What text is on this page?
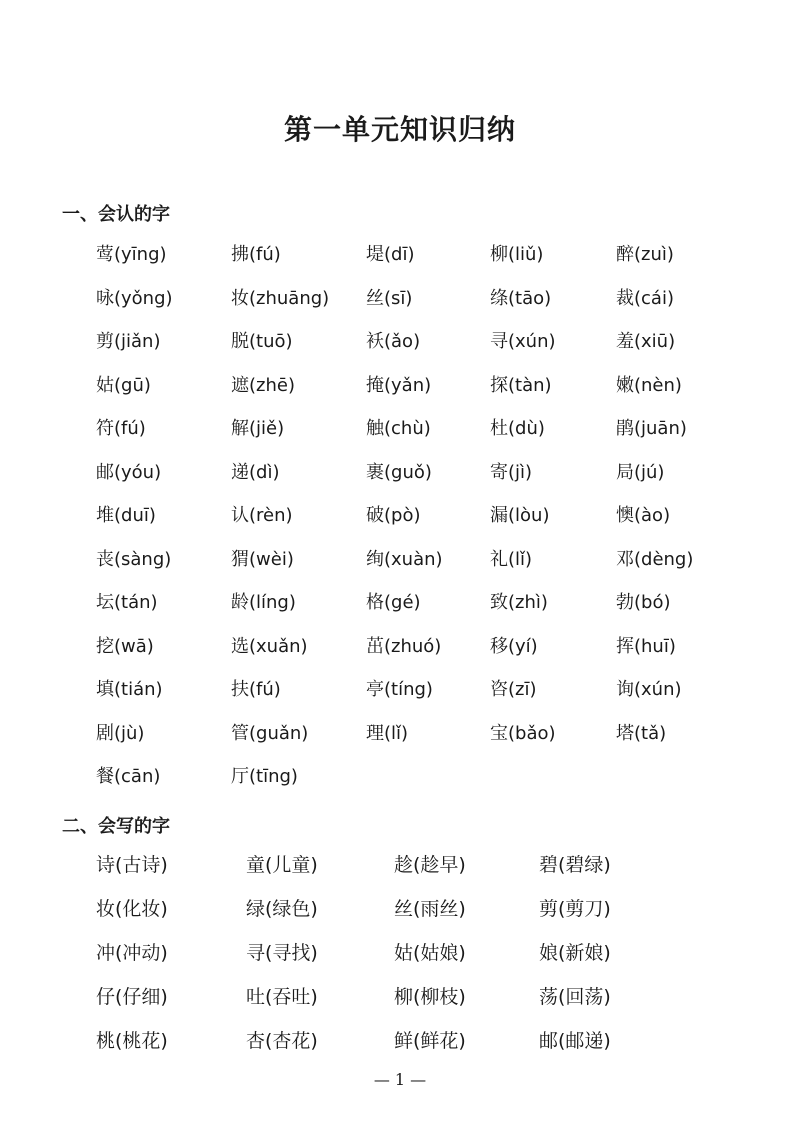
第一单元知识归纳
一、会认的字
莺(yīng)	拂(fú)	堤(dī)	柳(liǔ)	醉(zuì)
咏(yǒng)	妆(zhuāng)	丝(sī)	绦(tāo)	裁(cái)
剪(jiǎn)	脱(tuō)	袄(ǎo)	寻(xún)	羞(xiū)
姑(gū)	遮(zhē)	掩(yǎn)	探(tàn)	嫩(nèn)
符(fú)	解(jiě)	触(chù)	杜(dù)	鹃(juān)
邮(yóu)	递(dì)	裹(guǒ)	寄(jì)	局(jú)
堆(duī)	认(rèn)	破(pò)	漏(lòu)	懊(ào)
丧(sàng)	猬(wèi)	绚(xuàn)	礼(lǐ)	邓(dèng)
坛(tán)	龄(líng)	格(gé)	致(zhì)	勃(bó)
挖(wā)	选(xuǎn)	茁(zhuó)	移(yí)	挥(huī)
填(tián)	扶(fú)	亭(tíng)	咨(zī)	询(xún)
剧(jù)	管(guǎn)	理(lǐ)	宝(bǎo)	塔(tǎ)
餐(cān)	厅(tīng)
二、会写的字
诗(古诗)	童(儿童)	趁(趁早)	碧(碧绿)
妆(化妆)	绿(绿色)	丝(雨丝)	剪(剪刀)
冲(冲动)	寻(寻找)	姑(姑娘)	娘(新娘)
仔(仔细)	吐(吞吐)	柳(柳枝)	荡(回荡)
桃(桃花)	杏(杏花)	鲜(鲜花)	邮(邮递)
— 1 —
